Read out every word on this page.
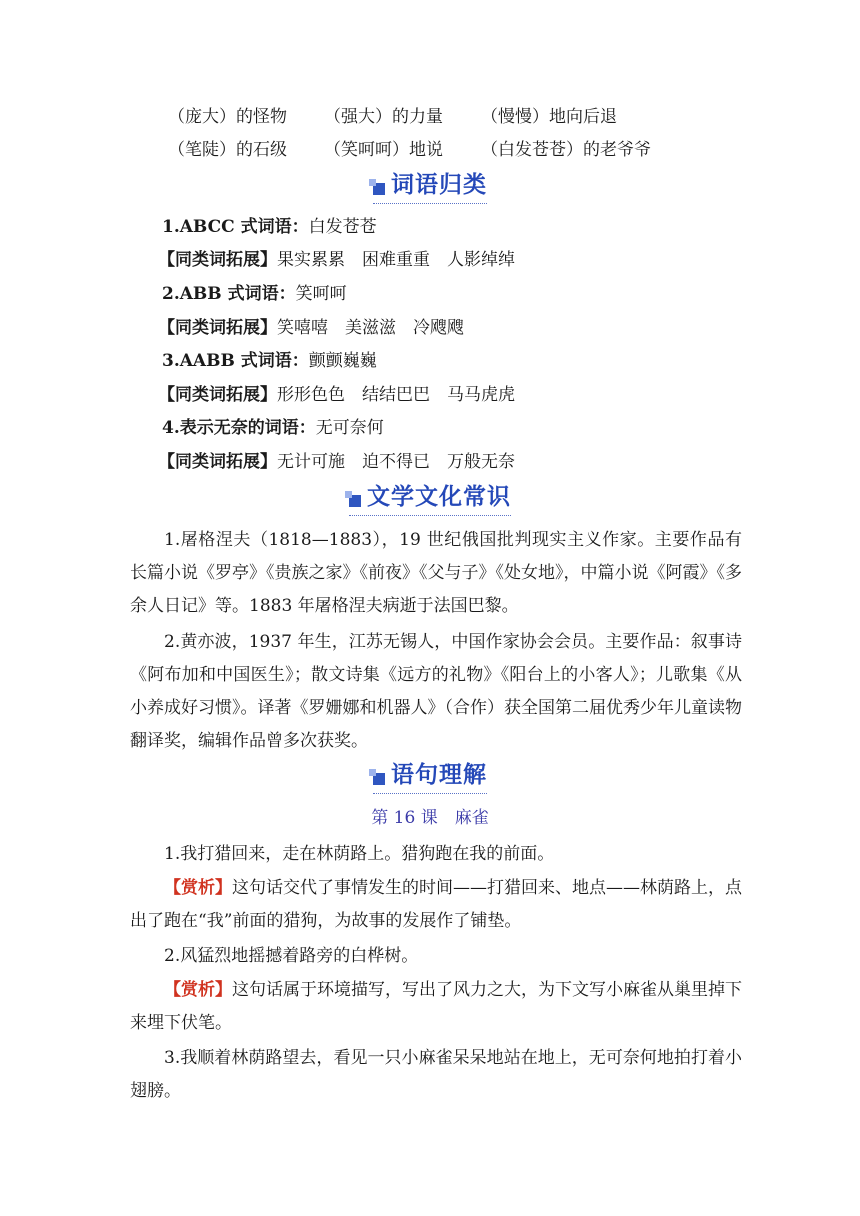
（庞大）的怪物 （强大）的力量 （慢慢）地向后退
（笔陡）的石级 （笑呵呵）地说 （白发苍苍）的老爷爷
词语归类
1.ABCC 式词语：白发苍苍
【同类词拓展】果实累累　困难重重　人影绰绰
2.ABB 式词语：笑呵呵
【同类词拓展】笑嘻嘻　美滋滋　冷飕飕
3.AABB 式词语：颤颤巍巍
【同类词拓展】形形色色　结结巴巴　马马虎虎
4.表示无奈的词语：无可奈何
【同类词拓展】无计可施　迫不得已　万般无奈
文学文化常识
1.屠格涅夫（1818—1883），19 世纪俄国批判现实主义作家。主要作品有长篇小说《罗亭》《贵族之家》《前夜》《父与子》《处女地》，中篇小说《阿霞》《多余人日记》等。1883 年屠格涅夫病逝于法国巴黎。
2.黄亦波，1937 年生，江苏无锡人，中国作家协会会员。主要作品：叙事诗《阿布加和中国医生》；散文诗集《远方的礼物》《阳台上的小客人》；儿歌集《从小养成好习惯》。译著《罗姗娜和机器人》（合作）获全国第二届优秀少年儿童读物翻译奖，编辑作品曾多次获奖。
语句理解
第 16 课　麻雀
1.我打猎回来，走在林荫路上。猎狗跑在我的前面。
【赏析】这句话交代了事情发生的时间——打猎回来、地点——林荫路上，点出了跑在“我”前面的猎狗，为故事的发展作了铺垫。
2.风猛烈地摇撼着路旁的白桦树。
【赏析】这句话属于环境描写，写出了风力之大，为下文写小麻雀从巢里掉下来埋下伏笔。
3.我顺着林荫路望去，看见一只小麻雀呆呆地站在地上，无可奈何地拍打着小翅膀。
